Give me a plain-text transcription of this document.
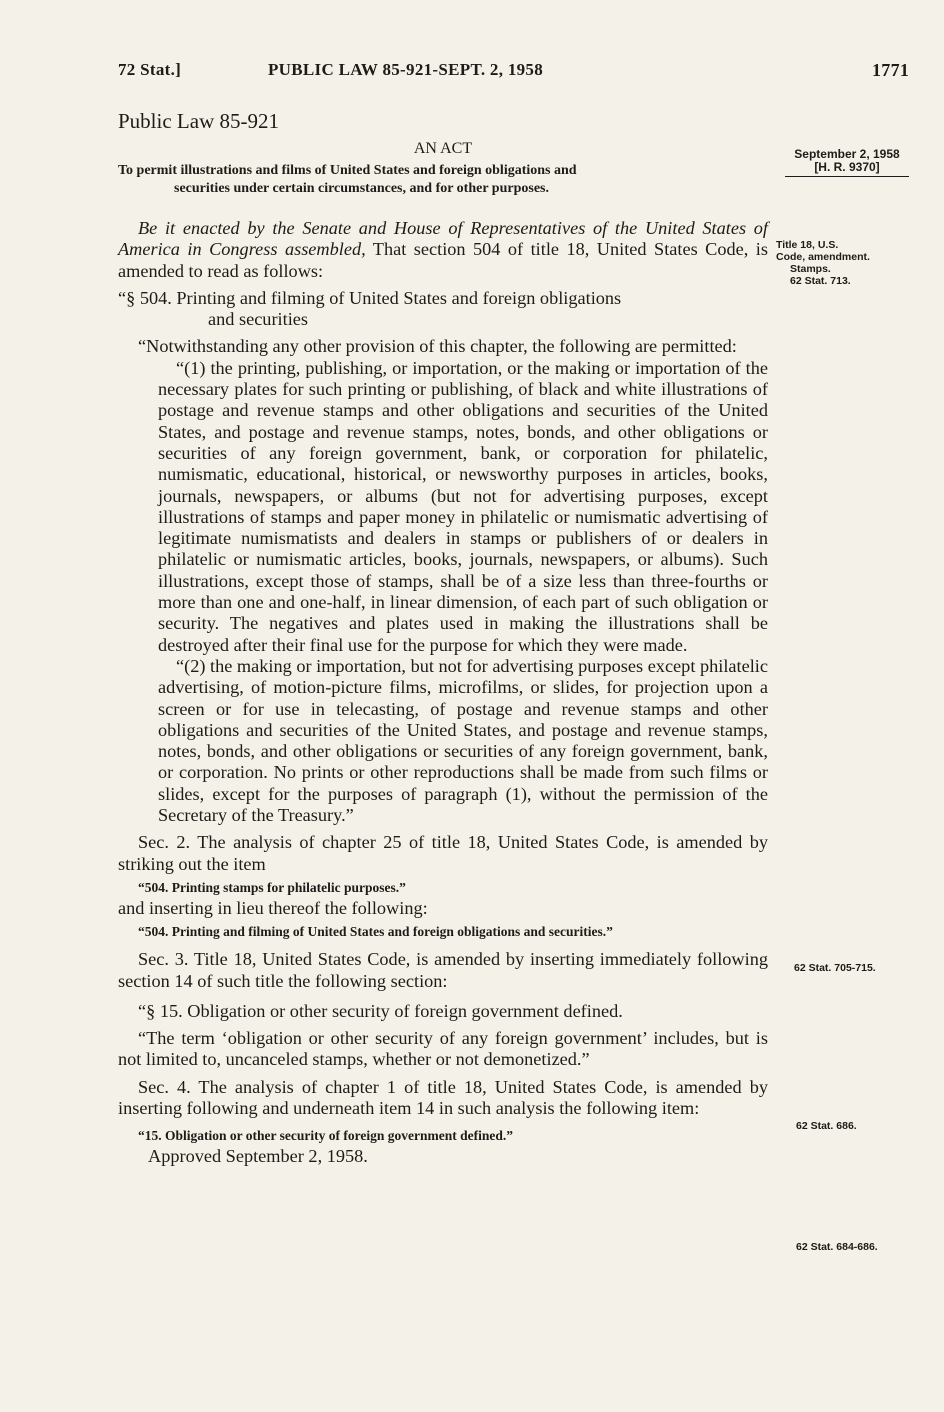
72 Stat.]	PUBLIC LAW 85-921-SEPT. 2, 1958	1771
Public Law 85-921
AN ACT
To permit illustrations and films of United States and foreign obligations and
securities under certain circumstances, and for other purposes.
September 2, 1958
[H. R. 9370]
Title 18, U.S.
Code, amendment.
Stamps.
62 Stat. 713.
62 Stat. 705-715.
62 Stat. 686.
62 Stat. 684-686.

Be it enacted by the Senate and House of Representatives of the United States of America in Congress assembled, That section 504 of title 18, United States Code, is amended to read as follows:

“§ 504. Printing and filming of United States and foreign obligations
and securities

“Notwithstanding any other provision of this chapter, the following are permitted:

“(1) the printing, publishing, or importation, or the making or importation of the necessary plates for such printing or publishing, of black and white illustrations of postage and revenue stamps and other obligations and securities of the United States, and postage and revenue stamps, notes, bonds, and other obligations or securities of any foreign government, bank, or corporation for philatelic, numismatic, educational, historical, or newsworthy purposes in articles, books, journals, newspapers, or albums (but not for advertising purposes, except illustrations of stamps and paper money in philatelic or numismatic advertising of legitimate numismatists and dealers in stamps or publishers of or dealers in philatelic or numismatic articles, books, journals, newspapers, or albums). Such illustrations, except those of stamps, shall be of a size less than three-fourths or more than one and one-half, in linear dimension, of each part of such obligation or security. The negatives and plates used in making the illustrations shall be destroyed after their final use for the purpose for which they were made.

“(2) the making or importation, but not for advertising purposes except philatelic advertising, of motion-picture films, microfilms, or slides, for projection upon a screen or for use in telecasting, of postage and revenue stamps and other obligations and securities of the United States, and postage and revenue stamps, notes, bonds, and other obligations or securities of any foreign government, bank, or corporation. No prints or other reproductions shall be made from such films or slides, except for the purposes of paragraph (1), without the permission of the Secretary of the Treasury.”

Sec. 2. The analysis of chapter 25 of title 18, United States Code, is amended by striking out the item

“504. Printing stamps for philatelic purposes.”

and inserting in lieu thereof the following:

“504. Printing and filming of United States and foreign obligations and securities.”

Sec. 3. Title 18, United States Code, is amended by inserting immediately following section 14 of such title the following section:

“§ 15. Obligation or other security of foreign government defined.

“The term ‘obligation or other security of any foreign government’ includes, but is not limited to, uncanceled stamps, whether or not demonetized.”

Sec. 4. The analysis of chapter 1 of title 18, United States Code, is amended by inserting following and underneath item 14 in such analysis the following item:

“15. Obligation or other security of foreign government defined.”

Approved September 2, 1958.
